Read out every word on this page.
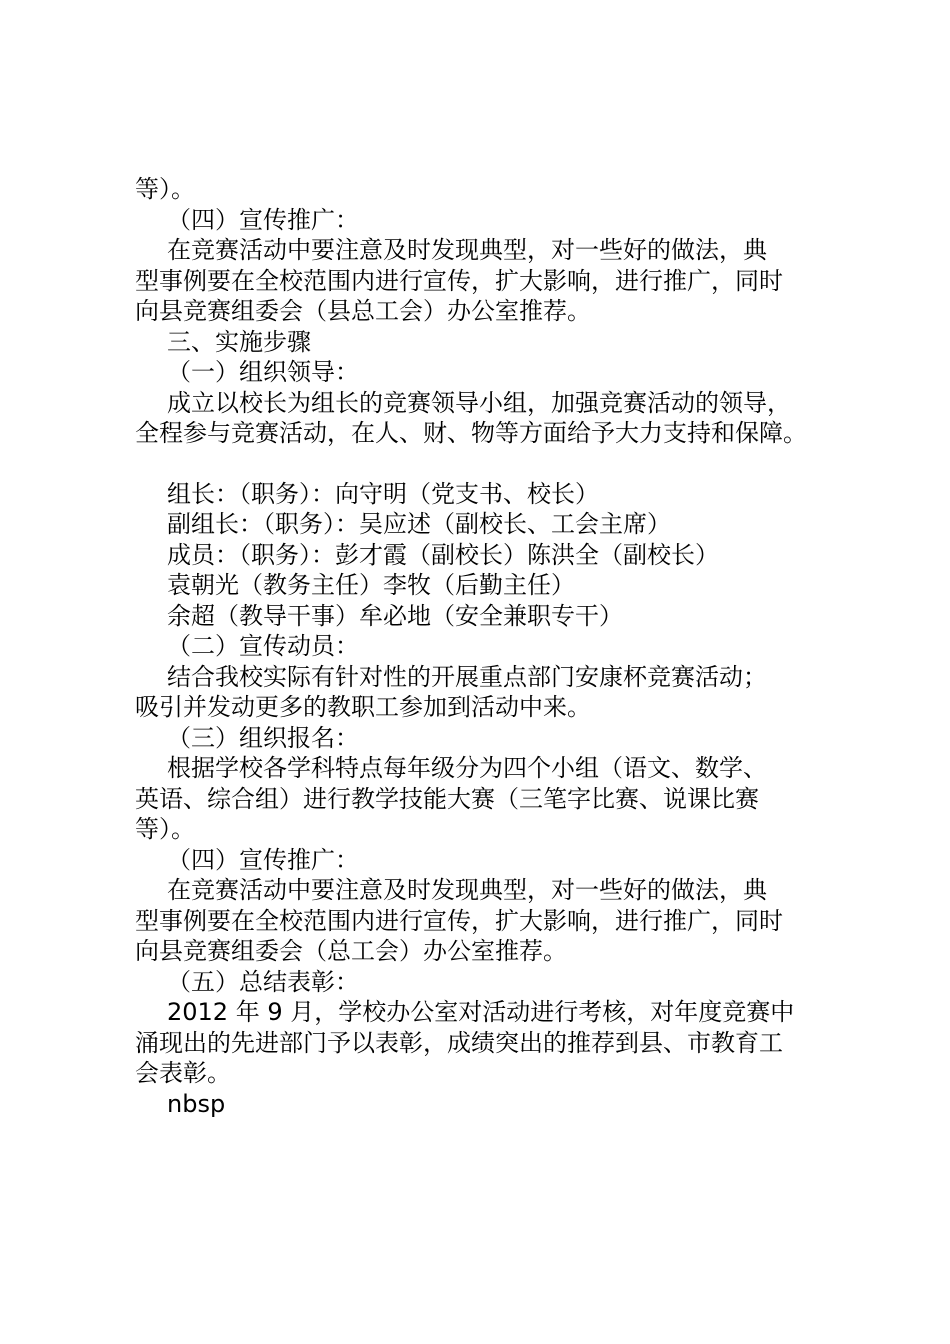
等）。
（四）宣传推广：
在竞赛活动中要注意及时发现典型，对一些好的做法，典
型事例要在全校范围内进行宣传，扩大影响，进行推广，同时
向县竞赛组委会（县总工会）办公室推荐。
三、实施步骤
（一）组织领导：
成立以校长为组长的竞赛领导小组，加强竞赛活动的领导，
全程参与竞赛活动，在人、财、物等方面给予大力支持和保障。
组长：（职务）：向守明（党支书、校长）
副组长：（职务）：吴应述（副校长、工会主席）
成员：（职务）：彭才霞（副校长）陈洪全（副校长）
袁朝光（教务主任）李牧（后勤主任）
余超（教导干事）牟必地（安全兼职专干）
（二）宣传动员：
结合我校实际有针对性的开展重点部门安康杯竞赛活动；
吸引并发动更多的教职工参加到活动中来。
（三）组织报名：
根据学校各学科特点每年级分为四个小组（语文、数学、
英语、综合组）进行教学技能大赛（三笔字比赛、说课比赛
等）。
（四）宣传推广：
在竞赛活动中要注意及时发现典型，对一些好的做法，典
型事例要在全校范围内进行宣传，扩大影响，进行推广，同时
向县竞赛组委会（总工会）办公室推荐。
（五）总结表彰：
2012 年 9 月，学校办公室对活动进行考核，对年度竞赛中
涌现出的先进部门予以表彰，成绩突出的推荐到县、市教育工
会表彰。
nbsp
